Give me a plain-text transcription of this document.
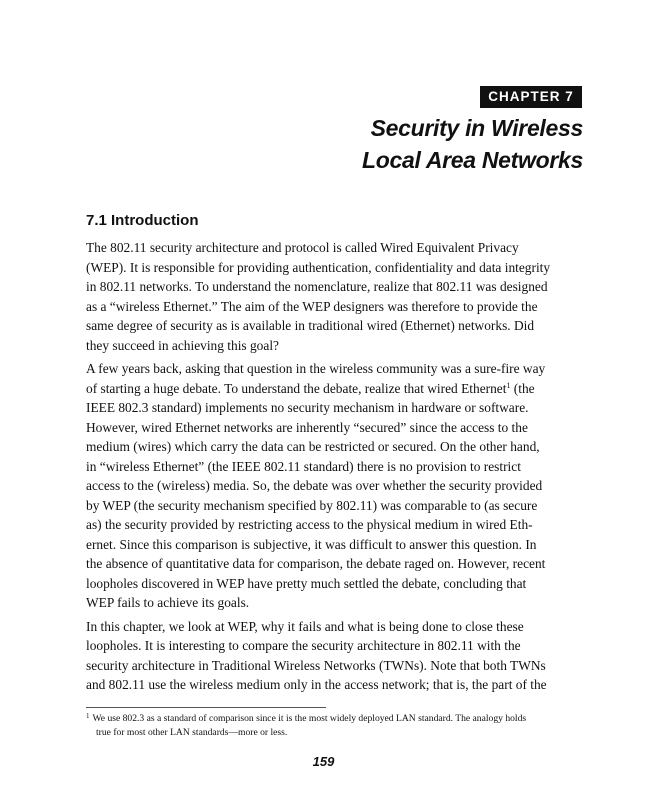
CHAPTER 7
Security in Wireless
Local Area Networks
7.1 Introduction

The 802.11 security architecture and protocol is called Wired Equivalent Privacy
(WEP). It is responsible for providing authentication, confidentiality and data integrity
in 802.11 networks. To understand the nomenclature, realize that 802.11 was designed
as a “wireless Ethernet.” The aim of the WEP designers was therefore to provide the
same degree of security as is available in traditional wired (Ethernet) networks. Did
they succeed in achieving this goal?

A few years back, asking that question in the wireless community was a sure-fire way
of starting a huge debate. To understand the debate, realize that wired Ethernet$^1$ (the
IEEE 802.3 standard) implements no security mechanism in hardware or software.
However, wired Ethernet networks are inherently “secured” since the access to the
medium (wires) which carry the data can be restricted or secured. On the other hand,
in “wireless Ethernet” (the IEEE 802.11 standard) there is no provision to restrict
access to the (wireless) media. So, the debate was over whether the security provided
by WEP (the security mechanism specified by 802.11) was comparable to (as secure
as) the security provided by restricting access to the physical medium in wired Eth-
ernet. Since this comparison is subjective, it was difficult to answer this question. In
the absence of quantitative data for comparison, the debate raged on. However, recent
loopholes discovered in WEP have pretty much settled the debate, concluding that
WEP fails to achieve its goals.

In this chapter, we look at WEP, why it fails and what is being done to close these
loopholes. It is interesting to compare the security architecture in 802.11 with the
security architecture in Traditional Wireless Networks (TWNs). Note that both TWNs
and 802.11 use the wireless medium only in the access network; that is, the part of the

$^1$ We use 802.3 as a standard of comparison since it is the most widely deployed LAN standard. The analogy holds
true for most other LAN standards—more or less.
159
